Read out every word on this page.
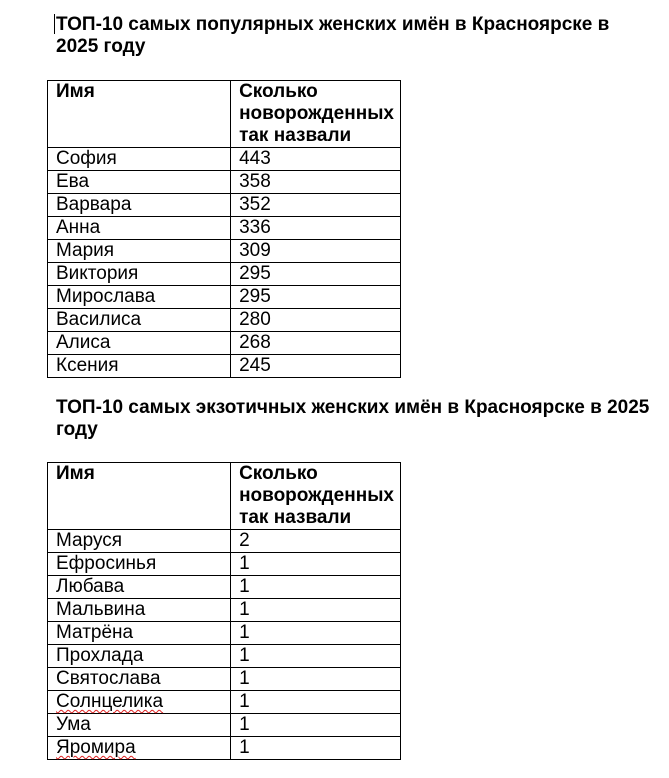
ТОП-10 самых популярных женских имён в Красноярске в 2025 году

Имя	Сколько
новорожденных
так назвали
София	443
Ева	358
Варвара	352
Анна	336
Мария	309
Виктория	295
Мирослава	295
Василиса	280
Алиса	268
Ксения	245

ТОП-10 самых экзотичных женских имён в Красноярске в 2025 году

Имя	Сколько
новорожденных
так назвали
Маруся	2
Ефросинья	1
Любава	1
Мальвина	1
Матрёна	1
Прохлада	1
Святослава	1
Солнцелика	1
Ума	1
Яромира	1
